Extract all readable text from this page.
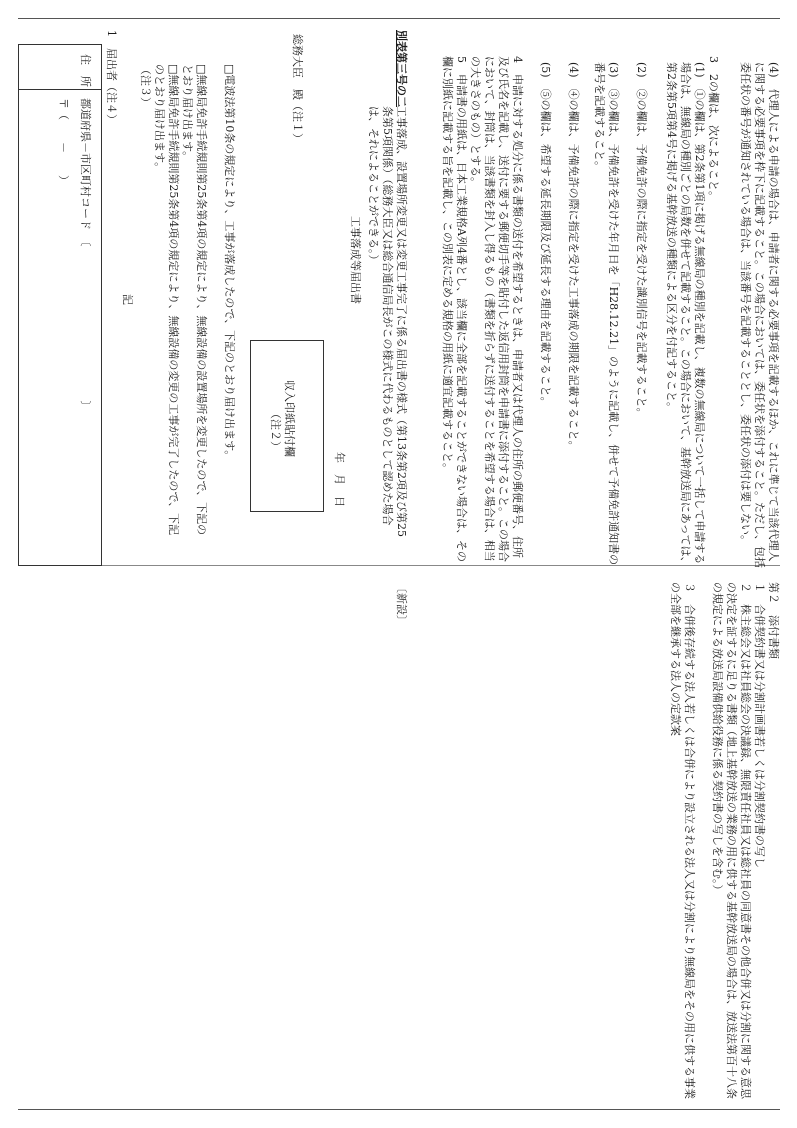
(4)　代理人による申請の場合は、申請者に関する必要事項を記載するほか、これに準じて当該代理人に関する必要事項を枠下に記載すること。この場合においては、委任状を添付すること。ただし、包括委任状の番号が通知されている場合は、当該番号を記載することとし、委任状の添付は要しない。
3　2の欄は、次によること。
(1)　①の欄は、第2条第1項に掲げる無線局の種別を記載し、複数の無線局について一括して申請する場合は、無線局の種別ごとの局数を併せて記載すること。この場合において、基幹放送局にあっては、第2条第5項第4号に掲げる基幹放送の種類による区分を付記すること。
(2)　②の欄は、予備免許の際に指定を受けた識別信号を記載すること。
(3)　③の欄は、予備免許を受けた年月日を「H28.12.21」のように記載し、併せて予備免許通知書の番号を記載すること。
(4)　④の欄は、予備免許の際に指定を受けた工事落成の期限を記載すること。
(5)　⑤の欄は、希望する延長期限及び延長する理由を記載すること。
4　申請に対する処分に係る書類の送付を希望するときは、申請者又は代理人の住所の郵便番号、住所及び氏名を記載し、送付に要する郵便切手等を貼付した返信用封筒を申請書に添付すること。この場合において、封筒は、当該書類を封入し得るもの（書類を折らずに送付することを希望する場合は、相当の大きさのもの）とする。
5　申請書の用紙は、日本工業規格A列4番とし、該当欄に全部を記載することができない場合は、その欄に別紙に記載する旨を記載し、この別表に定める規格の用紙に適宜記載すること。
別表第三号の二
工事落成、設置場所変更又は変更工事完了に係る届出書の様式（第13条第2項及び第25条第5項関係）（総務大臣又は総合通信局長がこの様式に代わるものとして認めた場合は、それによることができる。）
工事落成等届出書
年　月　日
収入印紙貼付欄
（注２）
総務大臣　殿（注１）
記	□電波法第10条の規定により、工事が落成したので、下記のとおり届け出ます。
□無線局免許手続規則第25条第4項の規定により、無線設備の設置場所を変更したので、下記のとおり届け出ます。
□無線局免許手続規則第25条第4項の規定により、無線設備の変更の工事が完了したので、下記のとおり届け出ます。
（注３）
1　届出者（注４）
住　所
都道府県－市区町村コード　〔　　　　　　　　　　　　　　〕
〒（　　－　　）
〔新設〕	第２　添付書類
１　合併契約書又は分割計画書若しくは分割契約書の写し
２　株主総会又は社員総会の決議録、無限責任社員又は総社員の同意書その他合併又は分割に関する意思の決定を証するに足りる書類（地上基幹放送の業務の用に供する基幹放送局の場合は、放送法第百十八条の規定による放送局設備供給役務に係る契約書の写しを含む。）
３　合併後存続する法人若しくは合併により設立される法人又は分割により無線局をその用に供する事業の全部を継承する法人の定款案
